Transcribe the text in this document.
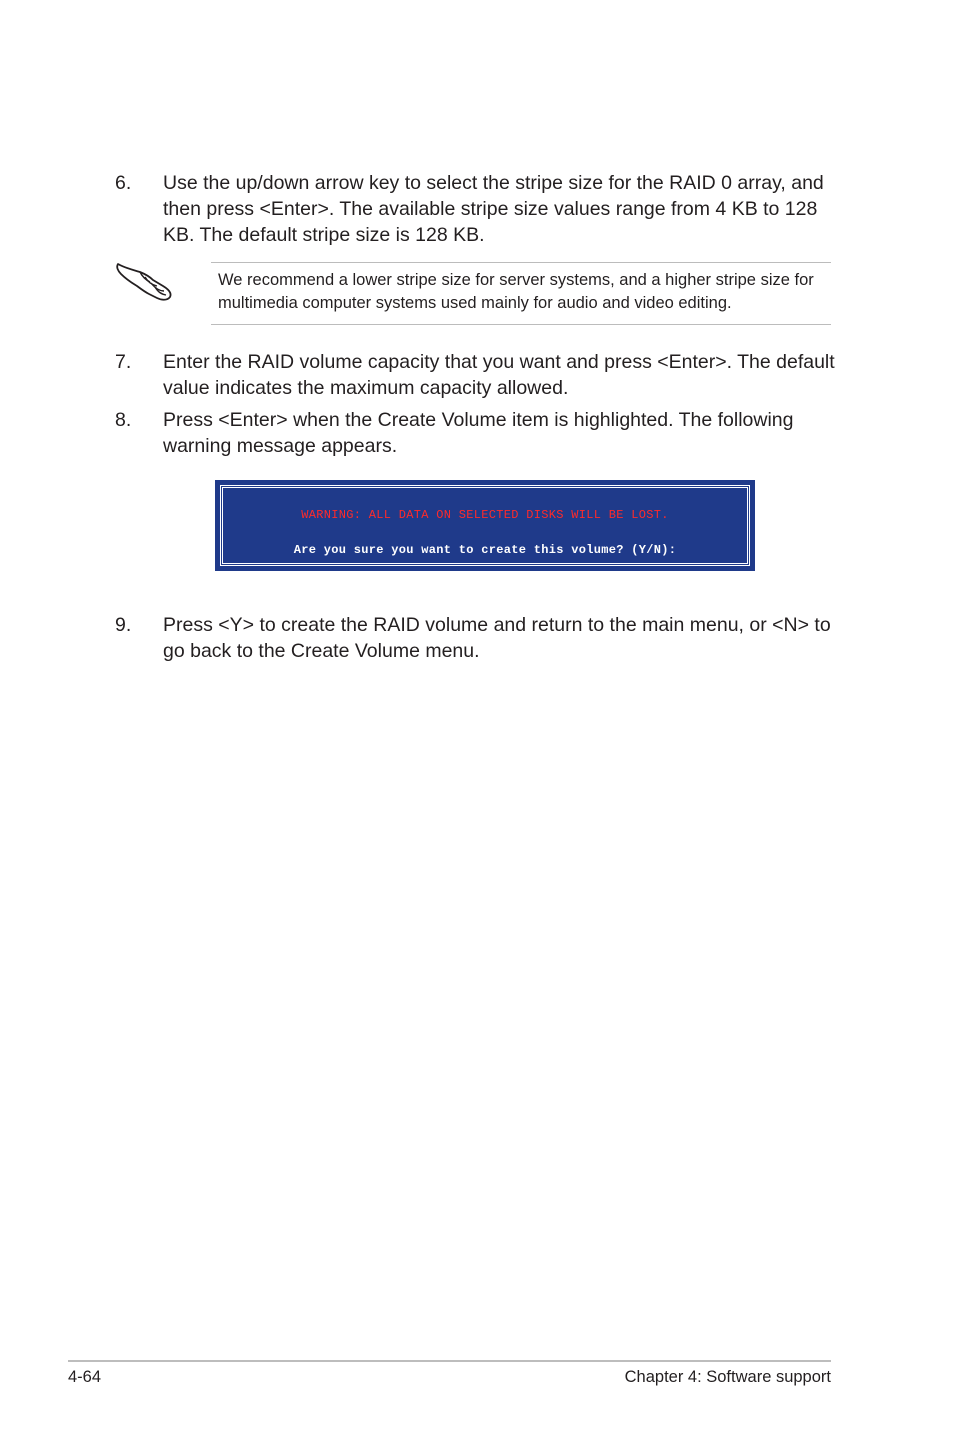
6. Use the up/down arrow key to select the stripe size for the RAID 0 array, and then press <Enter>. The available stripe size values range from 4 KB to 128 KB. The default stripe size is 128 KB.
We recommend a lower stripe size for server systems, and a higher stripe size for multimedia computer systems used mainly for audio and video editing.
7. Enter the RAID volume capacity that you want and press <Enter>. The default value indicates the maximum capacity allowed.
8. Press <Enter> when the Create Volume item is highlighted. The following warning message appears.
WARNING: ALL DATA ON SELECTED DISKS WILL BE LOST.
Are you sure you want to create this volume? (Y/N):
9. Press <Y> to create the RAID volume and return to the main menu, or <N> to go back to the Create Volume menu.
4-64	Chapter 4: Software support
